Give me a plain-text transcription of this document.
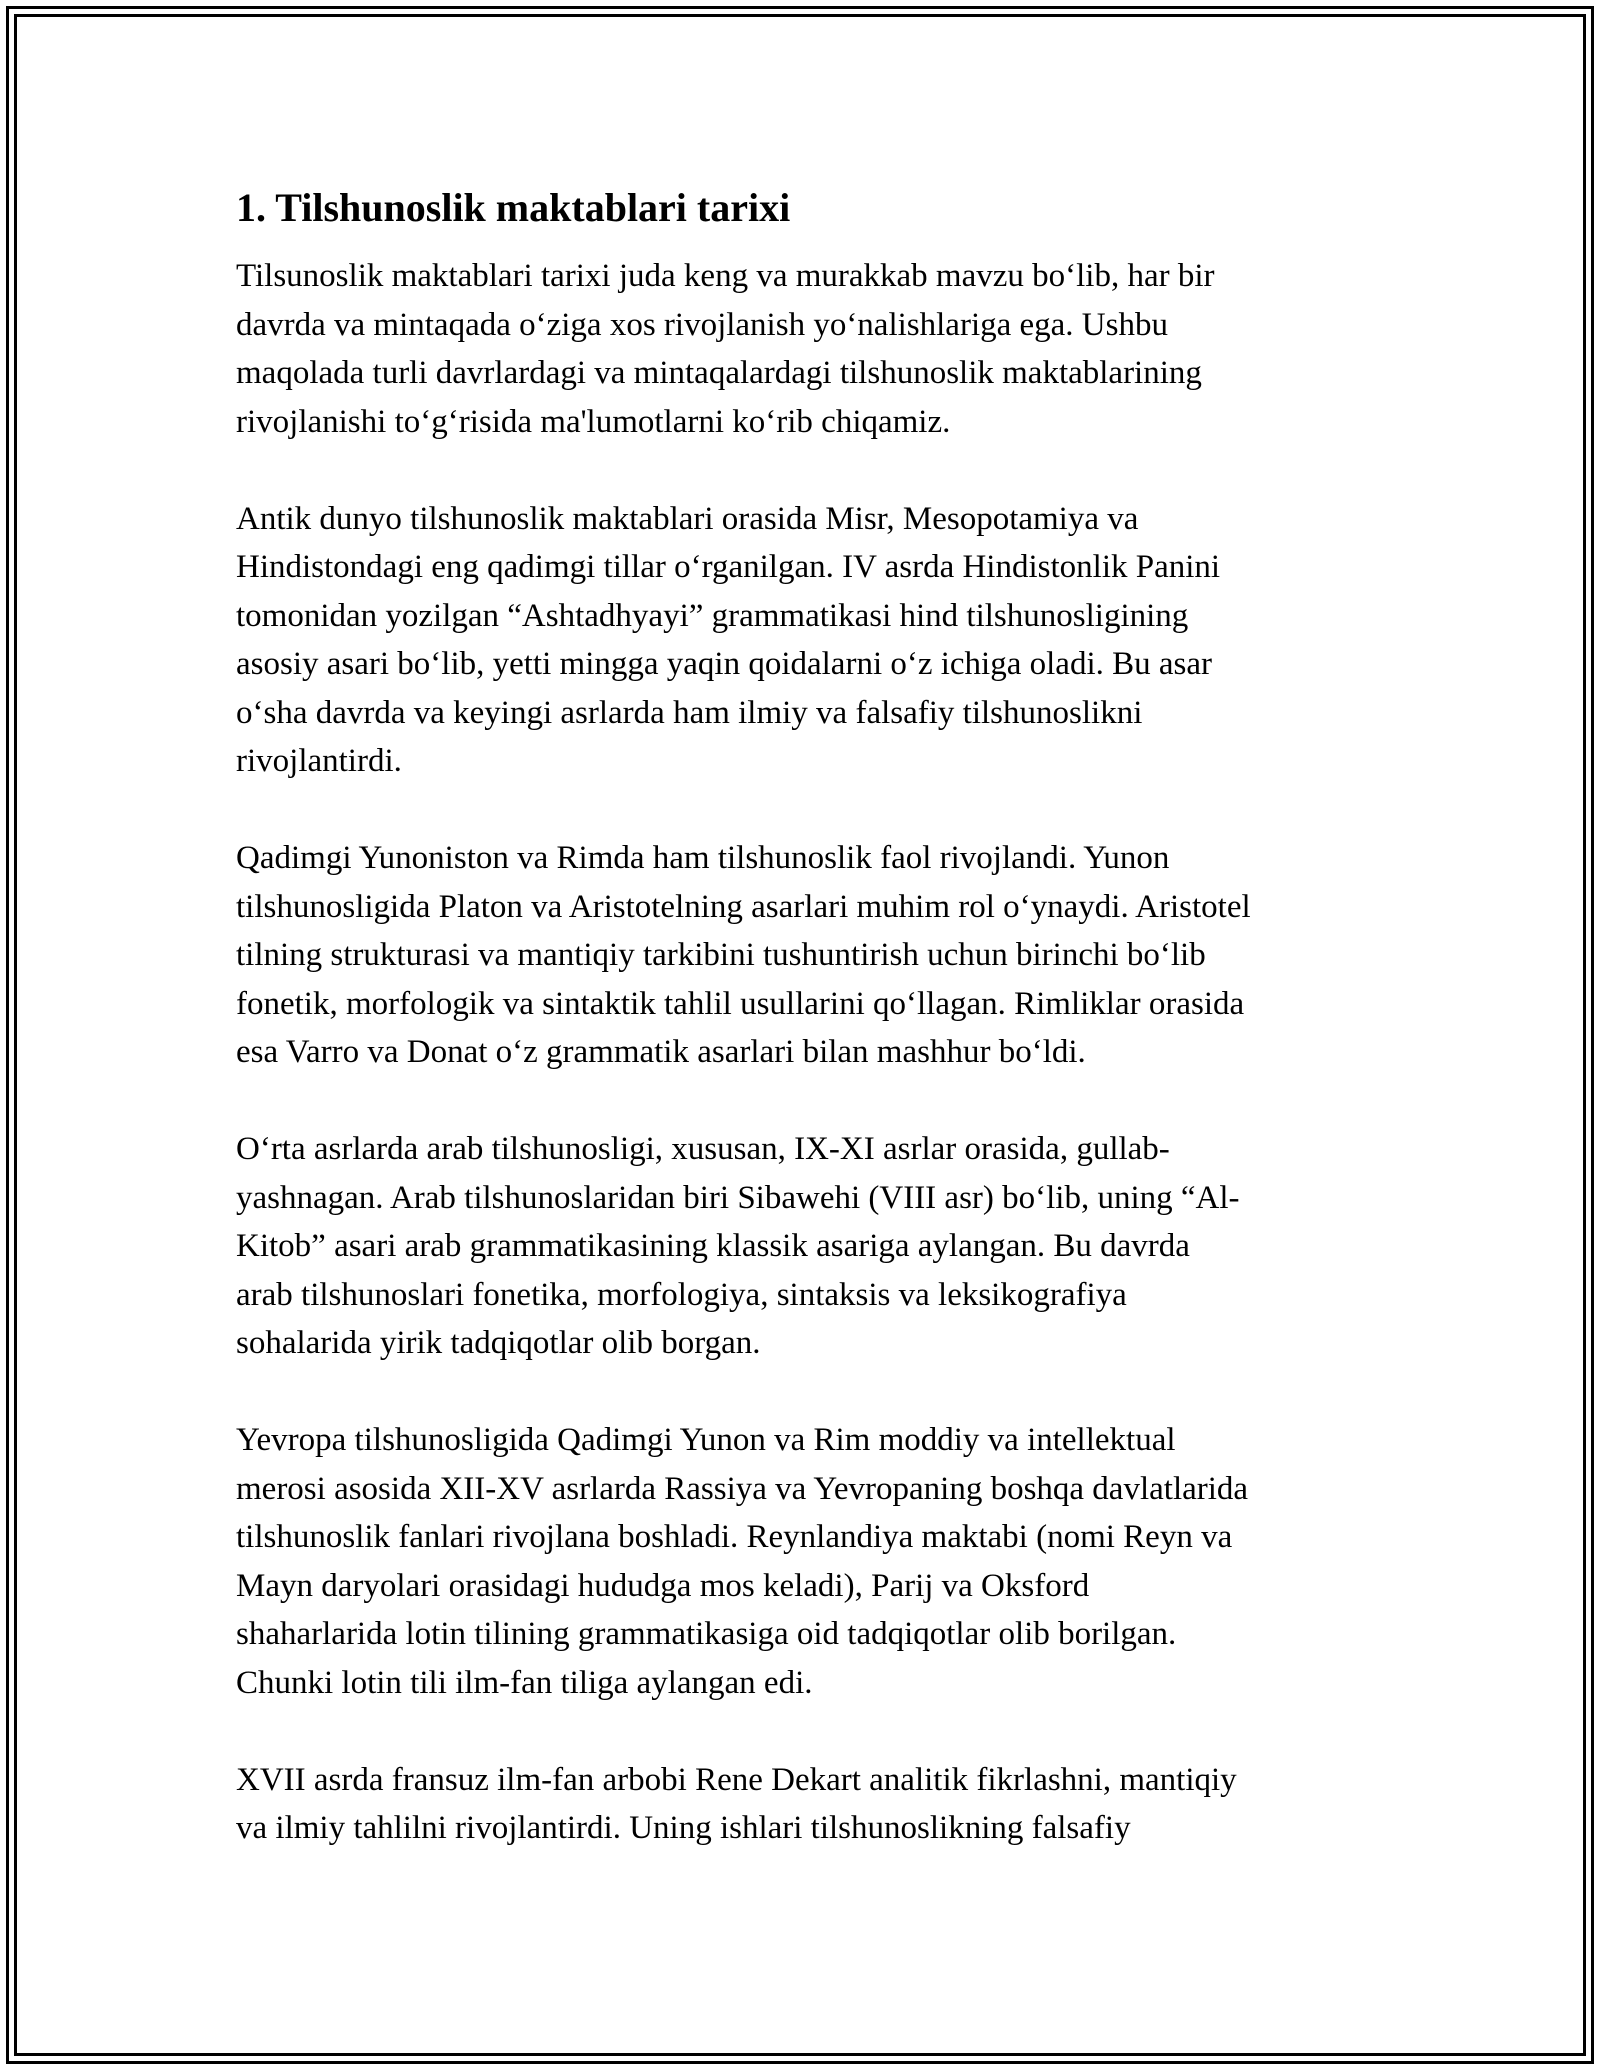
1. Tilshunoslik maktablari tarixi

Tilsunoslik maktablari tarixi juda keng va murakkab mavzu bo‘lib, har bir
davrda va mintaqada o‘ziga xos rivojlanish yo‘nalishlariga ega. Ushbu
maqolada turli davrlardagi va mintaqalardagi tilshunoslik maktablarining
rivojlanishi to‘g‘risida ma'lumotlarni ko‘rib chiqamiz.

Antik dunyo tilshunoslik maktablari orasida Misr, Mesopotamiya va
Hindistondagi eng qadimgi tillar o‘rganilgan. IV asrda Hindistonlik Panini
tomonidan yozilgan “Ashtadhyayi” grammatikasi hind tilshunosligining
asosiy asari bo‘lib, yetti mingga yaqin qoidalarni o‘z ichiga oladi. Bu asar
o‘sha davrda va keyingi asrlarda ham ilmiy va falsafiy tilshunoslikni
rivojlantirdi.

Qadimgi Yunoniston va Rimda ham tilshunoslik faol rivojlandi. Yunon
tilshunosligida Platon va Aristotelning asarlari muhim rol o‘ynaydi. Aristotel
tilning strukturasi va mantiqiy tarkibini tushuntirish uchun birinchi bo‘lib
fonetik, morfologik va sintaktik tahlil usullarini qo‘llagan. Rimliklar orasida
esa Varro va Donat o‘z grammatik asarlari bilan mashhur bo‘ldi.

O‘rta asrlarda arab tilshunosligi, xususan, IX-XI asrlar orasida, gullab-
yashnagan. Arab tilshunoslaridan biri Sibawehi (VIII asr) bo‘lib, uning “Al-
Kitob” asari arab grammatikasining klassik asariga aylangan. Bu davrda
arab tilshunoslari fonetika, morfologiya, sintaksis va leksikografiya
sohalarida yirik tadqiqotlar olib borgan.

Yevropa tilshunosligida Qadimgi Yunon va Rim moddiy va intellektual
merosi asosida XII-XV asrlarda Rassiya va Yevropaning boshqa davlatlarida
tilshunoslik fanlari rivojlana boshladi. Reynlandiya maktabi (nomi Reyn va
Mayn daryolari orasidagi hududga mos keladi), Parij va Oksford
shaharlarida lotin tilining grammatikasiga oid tadqiqotlar olib borilgan.
Chunki lotin tili ilm-fan tiliga aylangan edi.

XVII asrda fransuz ilm-fan arbobi Rene Dekart analitik fikrlashni, mantiqiy
va ilmiy tahlilni rivojlantirdi. Uning ishlari tilshunoslikning falsafiy
